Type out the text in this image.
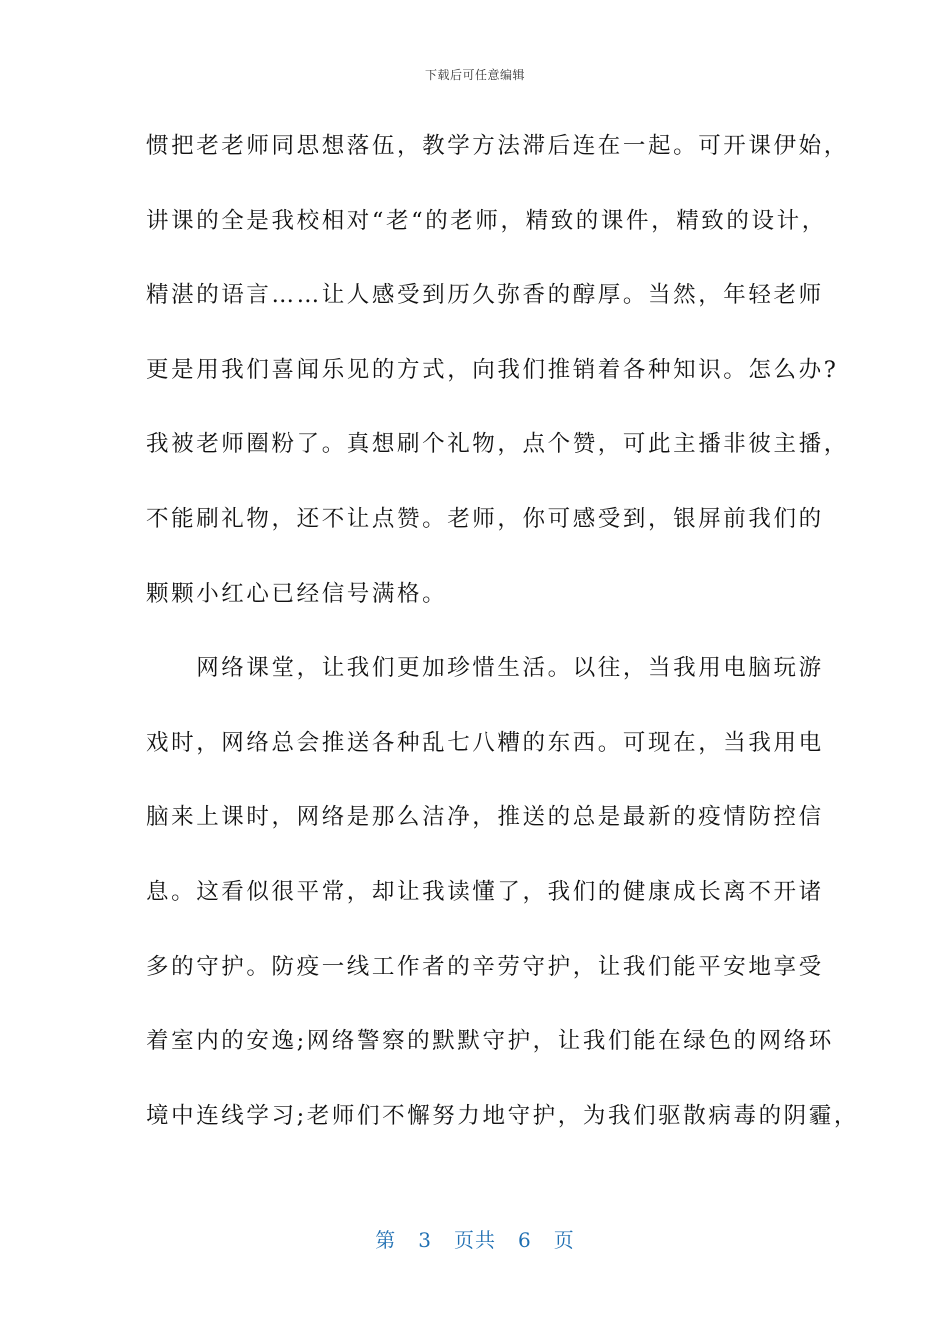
下载后可任意编辑
惯把老老师同思想落伍，教学方法滞后连在一起。可开课伊始，
讲课的全是我校相对“老“的老师，精致的课件，精致的设计，
精湛的语言……让人感受到历久弥香的醇厚。当然，年轻老师
更是用我们喜闻乐见的方式，向我们推销着各种知识。怎么办?
我被老师圈粉了。真想刷个礼物，点个赞，可此主播非彼主播，
不能刷礼物，还不让点赞。老师，你可感受到，银屏前我们的
颗颗小红心已经信号满格。
　　网络课堂，让我们更加珍惜生活。以往，当我用电脑玩游
戏时，网络总会推送各种乱七八糟的东西。可现在，当我用电
脑来上课时，网络是那么洁净，推送的总是最新的疫情防控信
息。这看似很平常，却让我读懂了，我们的健康成长离不开诸
多的守护。防疫一线工作者的辛劳守护，让我们能平安地享受
着室内的安逸;网络警察的默默守护，让我们能在绿色的网络环
境中连线学习;老师们不懈努力地守护，为我们驱散病毒的阴霾，
第 3 页共 6 页
